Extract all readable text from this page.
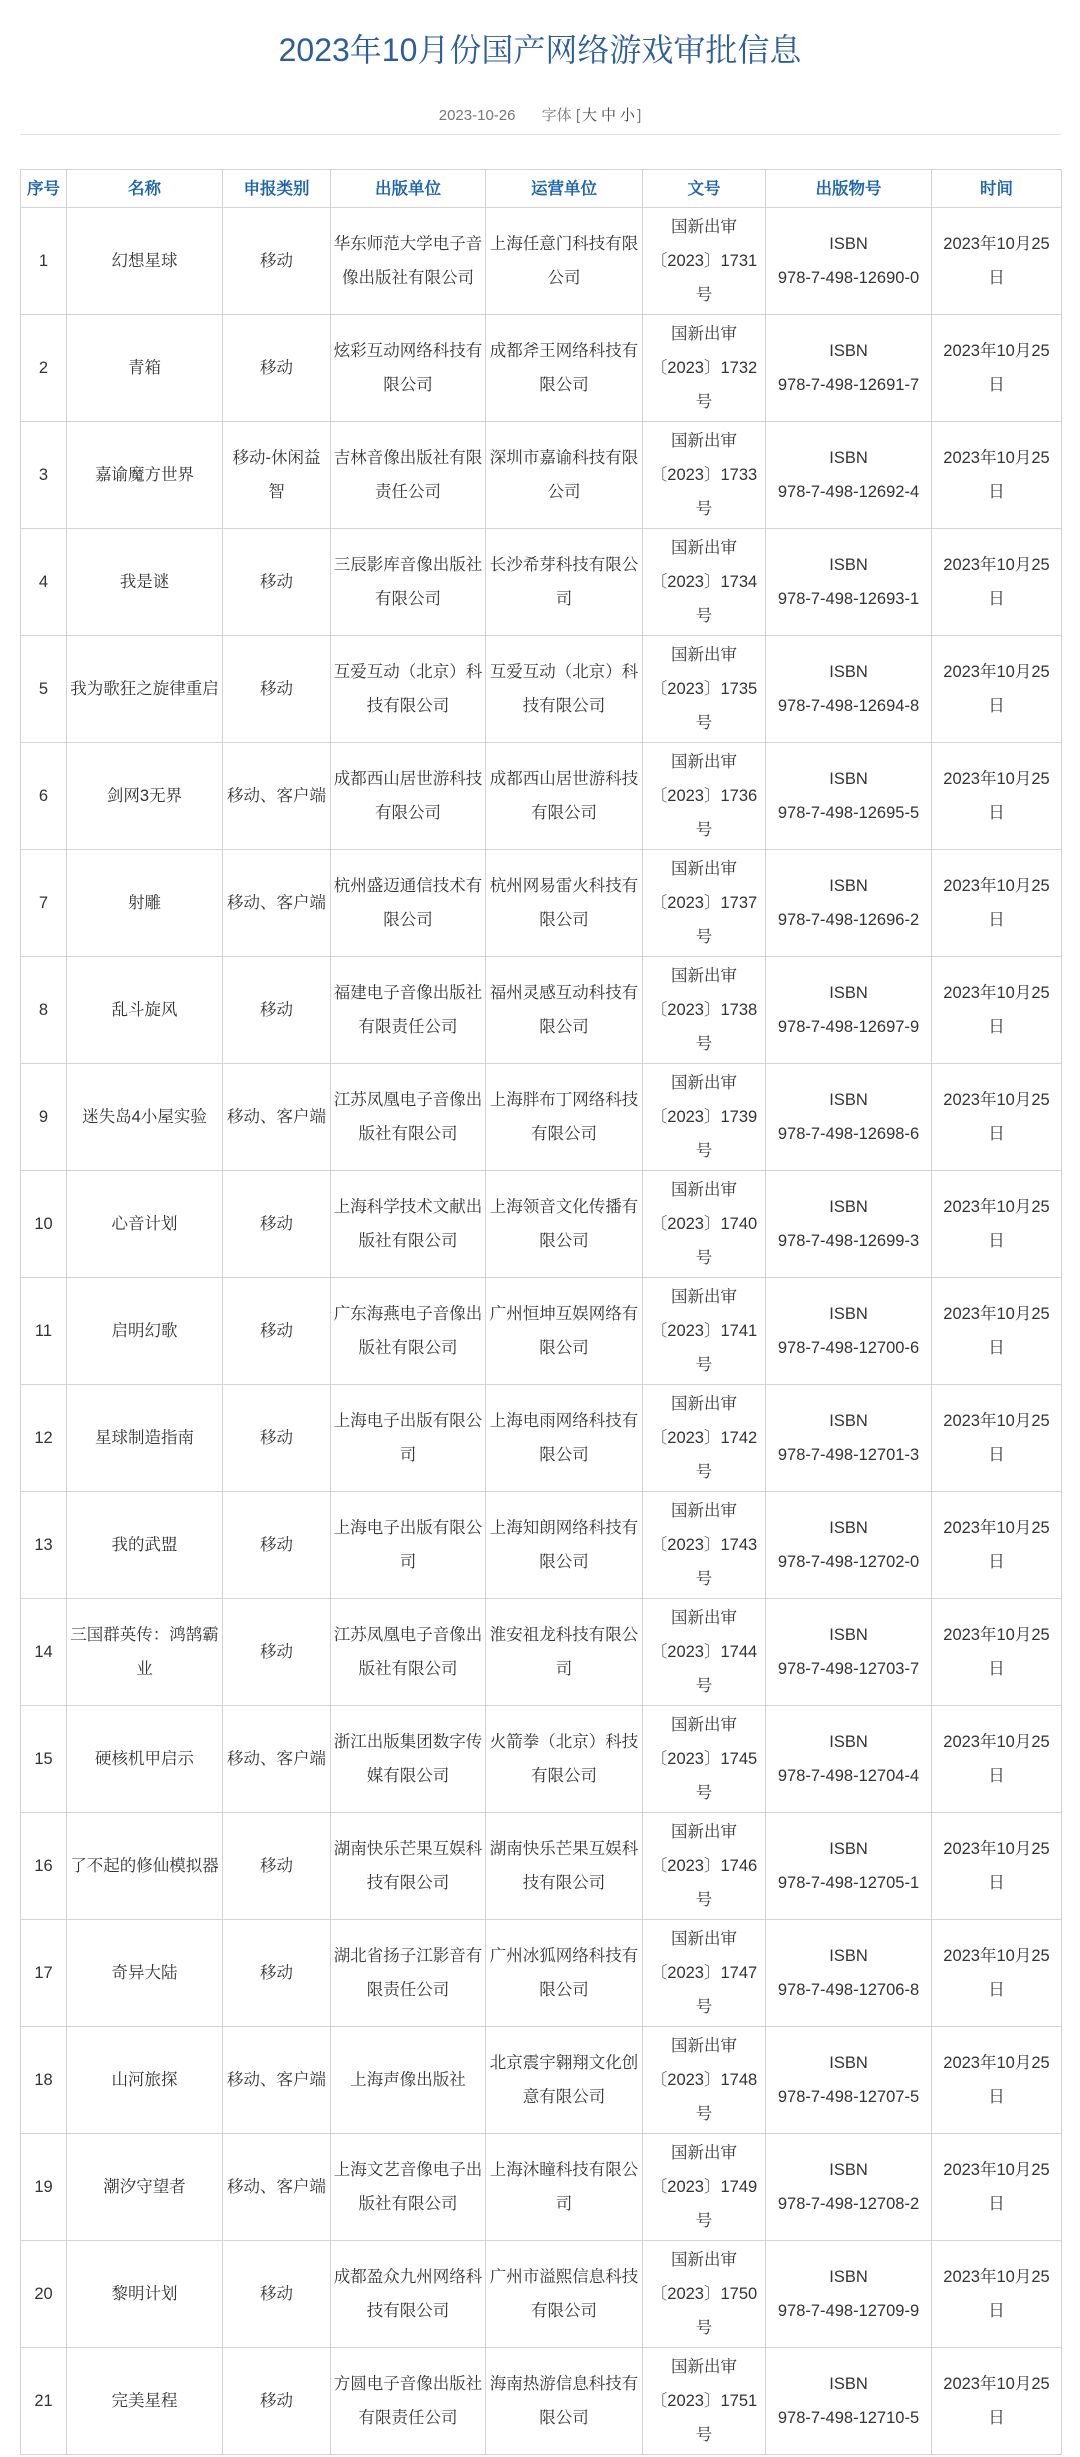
2023年10月份国产网络游戏审批信息
2023-10-26 字体 [ 大 中 小 ]
序号	名称	申报类别	出版单位	运营单位	文号	出版物号	时间
1	幻想星球	移动	华东师范大学电子音像出版社有限公司	上海任意门科技有限公司	国新出审〔2023〕1731号	ISBN
978-7-498-12690-0	2023年10月25日
2	青箱	移动	炫彩互动网络科技有限公司	成都斧王网络科技有限公司	国新出审〔2023〕1732号	ISBN
978-7-498-12691-7	2023年10月25日
3	嘉谕魔方世界	移动-休闲益智	吉林音像出版社有限责任公司	深圳市嘉谕科技有限公司	国新出审〔2023〕1733号	ISBN
978-7-498-12692-4	2023年10月25日
4	我是谜	移动	三辰影库音像出版社有限公司	长沙希芽科技有限公司	国新出审〔2023〕1734号	ISBN
978-7-498-12693-1	2023年10月25日
5	我为歌狂之旋律重启	移动	互爱互动（北京）科技有限公司	互爱互动（北京）科技有限公司	国新出审〔2023〕1735号	ISBN
978-7-498-12694-8	2023年10月25日
6	剑网3无界	移动、客户端	成都西山居世游科技有限公司	成都西山居世游科技有限公司	国新出审〔2023〕1736号	ISBN
978-7-498-12695-5	2023年10月25日
7	射雕	移动、客户端	杭州盛迈通信技术有限公司	杭州网易雷火科技有限公司	国新出审〔2023〕1737号	ISBN
978-7-498-12696-2	2023年10月25日
8	乱斗旋风	移动	福建电子音像出版社有限责任公司	福州灵感互动科技有限公司	国新出审〔2023〕1738号	ISBN
978-7-498-12697-9	2023年10月25日
9	迷失岛4小屋实验	移动、客户端	江苏凤凰电子音像出版社有限公司	上海胖布丁网络科技有限公司	国新出审〔2023〕1739号	ISBN
978-7-498-12698-6	2023年10月25日
10	心音计划	移动	上海科学技术文献出版社有限公司	上海领音文化传播有限公司	国新出审〔2023〕1740号	ISBN
978-7-498-12699-3	2023年10月25日
11	启明幻歌	移动	广东海燕电子音像出版社有限公司	广州恒坤互娱网络有限公司	国新出审〔2023〕1741号	ISBN
978-7-498-12700-6	2023年10月25日
12	星球制造指南	移动	上海电子出版有限公司	上海电雨网络科技有限公司	国新出审〔2023〕1742号	ISBN
978-7-498-12701-3	2023年10月25日
13	我的武盟	移动	上海电子出版有限公司	上海知朗网络科技有限公司	国新出审〔2023〕1743号	ISBN
978-7-498-12702-0	2023年10月25日
14	三国群英传：鸿鹄霸业	移动	江苏凤凰电子音像出版社有限公司	淮安祖龙科技有限公司	国新出审〔2023〕1744号	ISBN
978-7-498-12703-7	2023年10月25日
15	硬核机甲启示	移动、客户端	浙江出版集团数字传媒有限公司	火箭拳（北京）科技有限公司	国新出审〔2023〕1745号	ISBN
978-7-498-12704-4	2023年10月25日
16	了不起的修仙模拟器	移动	湖南快乐芒果互娱科技有限公司	湖南快乐芒果互娱科技有限公司	国新出审〔2023〕1746号	ISBN
978-7-498-12705-1	2023年10月25日
17	奇异大陆	移动	湖北省扬子江影音有限责任公司	广州冰狐网络科技有限公司	国新出审〔2023〕1747号	ISBN
978-7-498-12706-8	2023年10月25日
18	山河旅探	移动、客户端	上海声像出版社	北京震宇翱翔文化创意有限公司	国新出审〔2023〕1748号	ISBN
978-7-498-12707-5	2023年10月25日
19	潮汐守望者	移动、客户端	上海文艺音像电子出版社有限公司	上海沐瞳科技有限公司	国新出审〔2023〕1749号	ISBN
978-7-498-12708-2	2023年10月25日
20	黎明计划	移动	成都盈众九州网络科技有限公司	广州市溢熙信息科技有限公司	国新出审〔2023〕1750号	ISBN
978-7-498-12709-9	2023年10月25日
21	完美星程	移动	方圆电子音像出版社有限责任公司	海南热游信息科技有限公司	国新出审〔2023〕1751号	ISBN
978-7-498-12710-5	2023年10月25日
